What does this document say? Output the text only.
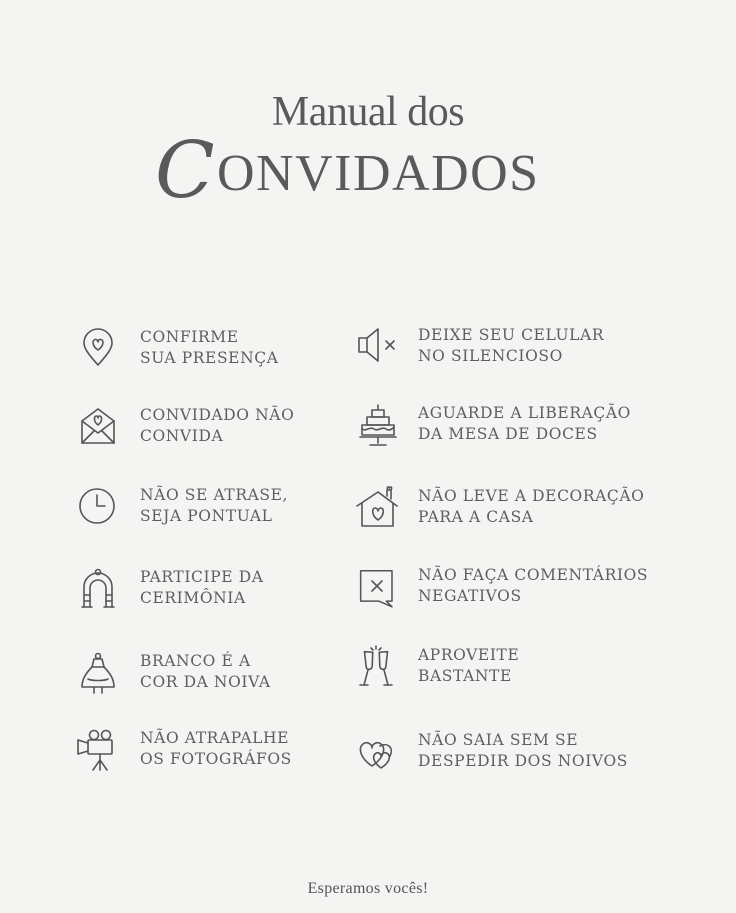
Manual dos
C ONVIDADOS
CONFIRME
SUA PRESENÇA
CONVIDADO NÃO
CONVIDA
NÃO SE ATRASE,
SEJA PONTUAL
PARTICIPE DA
CERIMÔNIA
BRANCO É A
COR DA NOIVA
NÃO ATRAPALHE
OS FOTOGRÁFOS
DEIXE SEU CELULAR
NO SILENCIOSO
AGUARDE A LIBERAÇÃO
DA MESA DE DOCES
NÃO LEVE A DECORAÇÃO
PARA A CASA
NÃO FAÇA COMENTÁRIOS
NEGATIVOS
APROVEITE
BASTANTE
NÃO SAIA SEM SE
DESPEDIR DOS NOIVOS
Esperamos vocês!
